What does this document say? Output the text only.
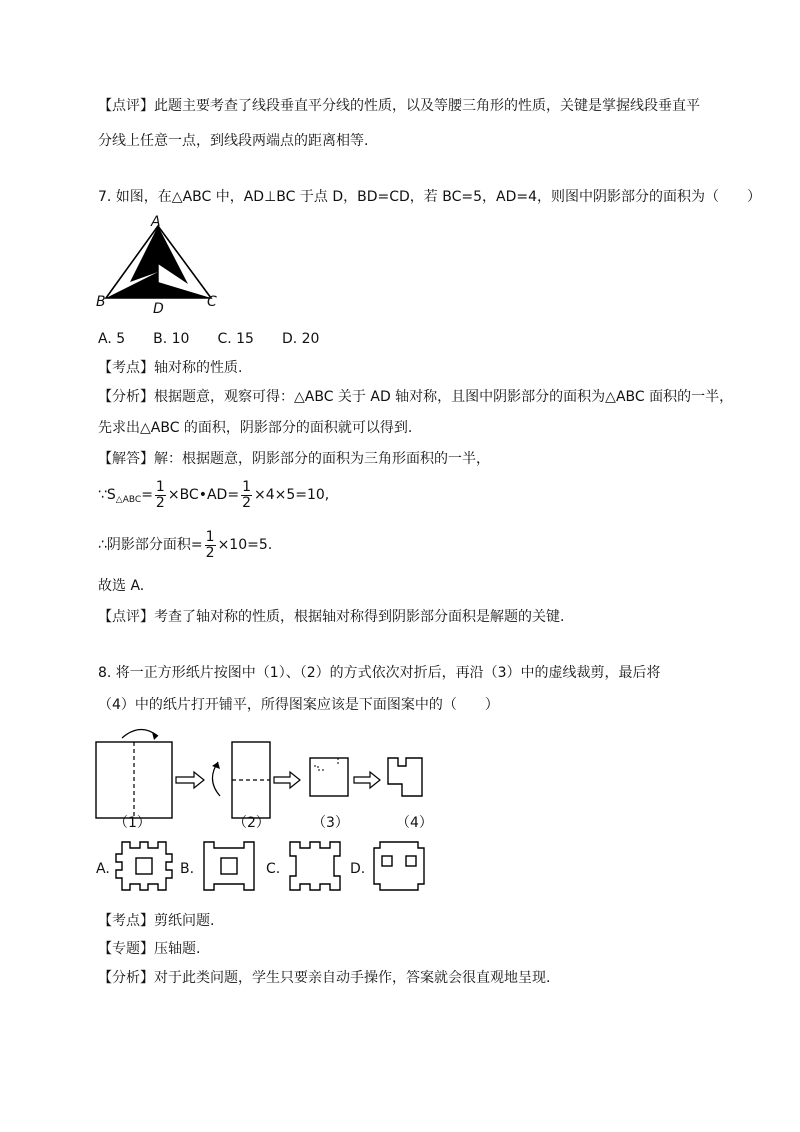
【点评】此题主要考查了线段垂直平分线的性质，以及等腰三角形的性质，关键是掌握线段垂直平
分线上任意一点，到线段两端点的距离相等.
7. 如图，在△ABC 中，AD⊥BC 于点 D，BD=CD，若 BC=5，AD=4，则图中阴影部分的面积为（　　）
A
B	C
D
A. 5　　B. 10　　C. 15　　D. 20
【考点】轴对称的性质.
【分析】根据题意，观察可得：△ABC 关于 AD 轴对称，且图中阴影部分的面积为△ABC 面积的一半，
先求出△ABC 的面积，阴影部分的面积就可以得到.
【解答】解：根据题意，阴影部分的面积为三角形面积的一半，
$\because S_{\triangle ABC}= \frac{1}{2}$ ×BC•AD= $\frac{1}{2} \times 4\times 5=10$,
∴阴影部分面积= $\frac{1}{2} \times 10=5$.
故选 A.
【点评】考查了轴对称的性质，根据轴对称得到阴影部分面积是解题的关键.
8. 将一正方形纸片按图中（1）、（2）的方式依次对折后，再沿（3）中的虚线裁剪，最后将
（4）中的纸片打开铺平，所得图案应该是下面图案中的（　　）
（1）	（2）	（3）	（4）
A.	B.	C.	D.
【考点】剪纸问题.
【专题】压轴题.
【分析】对于此类问题，学生只要亲自动手操作，答案就会很直观地呈现.
